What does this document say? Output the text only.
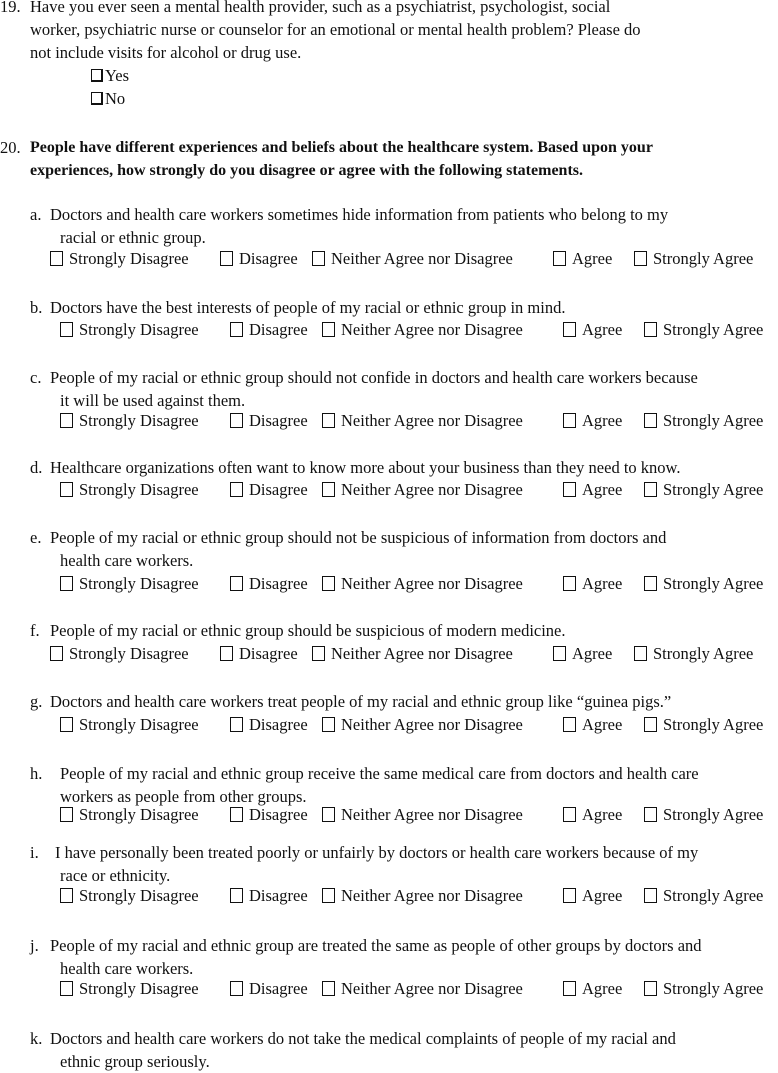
19. Have you ever seen a mental health provider, such as a psychiatrist, psychologist, social
worker, psychiatric nurse or counselor for an emotional or mental health problem? Please do
not include visits for alcohol or drug use.
Yes
No
20. People have different experiences and beliefs about the healthcare system. Based upon your
experiences, how strongly do you disagree or agree with the following statements.
a. Doctors and health care workers sometimes hide information from patients who belong to my
racial or ethnic group.
Strongly Disagree	Disagree	Neither Agree nor Disagree	Agree	Strongly Agree
b. Doctors have the best interests of people of my racial or ethnic group in mind.
Strongly Disagree	Disagree	Neither Agree nor Disagree	Agree	Strongly Agree
c. People of my racial or ethnic group should not confide in doctors and health care workers because
it will be used against them.
Strongly Disagree	Disagree	Neither Agree nor Disagree	Agree	Strongly Agree
d. Healthcare organizations often want to know more about your business than they need to know.
Strongly Disagree	Disagree	Neither Agree nor Disagree	Agree	Strongly Agree
e. People of my racial or ethnic group should not be suspicious of information from doctors and
health care workers.
Strongly Disagree	Disagree	Neither Agree nor Disagree	Agree	Strongly Agree
f. People of my racial or ethnic group should be suspicious of modern medicine.
Strongly Disagree	Disagree	Neither Agree nor Disagree	Agree	Strongly Agree
g. Doctors and health care workers treat people of my racial and ethnic group like “guinea pigs.”
Strongly Disagree	Disagree	Neither Agree nor Disagree	Agree	Strongly Agree
h. People of my racial and ethnic group receive the same medical care from doctors and health care
workers as people from other groups.
Strongly Disagree	Disagree	Neither Agree nor Disagree	Agree	Strongly Agree
i. I have personally been treated poorly or unfairly by doctors or health care workers because of my
race or ethnicity.
Strongly Disagree	Disagree	Neither Agree nor Disagree	Agree	Strongly Agree
j. People of my racial and ethnic group are treated the same as people of other groups by doctors and
health care workers.
Strongly Disagree	Disagree	Neither Agree nor Disagree	Agree	Strongly Agree
k. Doctors and health care workers do not take the medical complaints of people of my racial and
ethnic group seriously.
